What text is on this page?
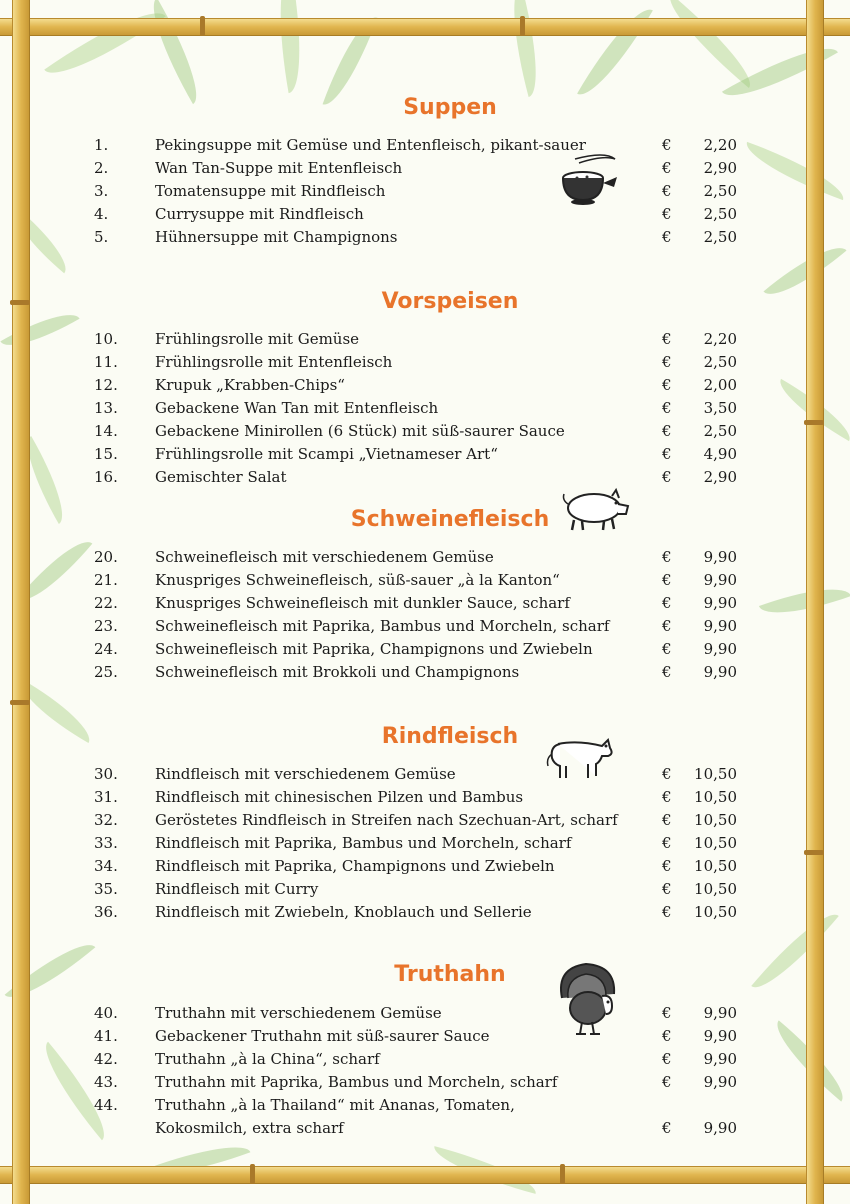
Suppen
1.	Pekingsuppe mit Gemüse und Entenfleisch, pikant-sauer	€	2,20
2.	Wan Tan-Suppe mit Entenfleisch	€	2,90
3.	Tomatensuppe mit Rindfleisch	€	2,50
4.	Currysuppe mit Rindfleisch	€	2,50
5.	Hühnersuppe mit Champignons	€	2,50
Vorspeisen
10.	Frühlingsrolle mit Gemüse	€	2,20
11.	Frühlingsrolle mit Entenfleisch	€	2,50
12.	Krupuk „Krabben-Chips“	€	2,00
13.	Gebackene Wan Tan mit Entenfleisch	€	3,50
14.	Gebackene Minirollen (6 Stück) mit süß-saurer Sauce	€	2,50
15.	Frühlingsrolle mit Scampi „Vietnameser Art“	€	4,90
16.	Gemischter Salat	€	2,90
Schweinefleisch
20.	Schweinefleisch mit verschiedenem Gemüse	€	9,90
21.	Knuspriges Schweinefleisch, süß-sauer „à la Kanton“	€	9,90
22.	Knuspriges Schweinefleisch mit dunkler Sauce, scharf	€	9,90
23.	Schweinefleisch mit Paprika, Bambus und Morcheln, scharf	€	9,90
24.	Schweinefleisch mit Paprika, Champignons und Zwiebeln	€	9,90
25.	Schweinefleisch mit Brokkoli und Champignons	€	9,90
Rindfleisch
30.	Rindfleisch mit verschiedenem Gemüse	€	10,50
31.	Rindfleisch mit chinesischen Pilzen und Bambus	€	10,50
32.	Geröstetes Rindfleisch in Streifen nach Szechuan-Art, scharf	€	10,50
33.	Rindfleisch mit Paprika, Bambus und Morcheln, scharf	€	10,50
34.	Rindfleisch mit Paprika, Champignons und Zwiebeln	€	10,50
35.	Rindfleisch mit Curry	€	10,50
36.	Rindfleisch mit Zwiebeln, Knoblauch und Sellerie	€	10,50
Truthahn
40.	Truthahn mit verschiedenem Gemüse	€	9,90
41.	Gebackener Truthahn mit süß-saurer Sauce	€	9,90
42.	Truthahn „à la China“, scharf	€	9,90
43.	Truthahn mit Paprika, Bambus und Morcheln, scharf	€	9,90
44.	Truthahn „à la Thailand“ mit Ananas, Tomaten,
Kokosmilch, extra scharf	€	9,90
